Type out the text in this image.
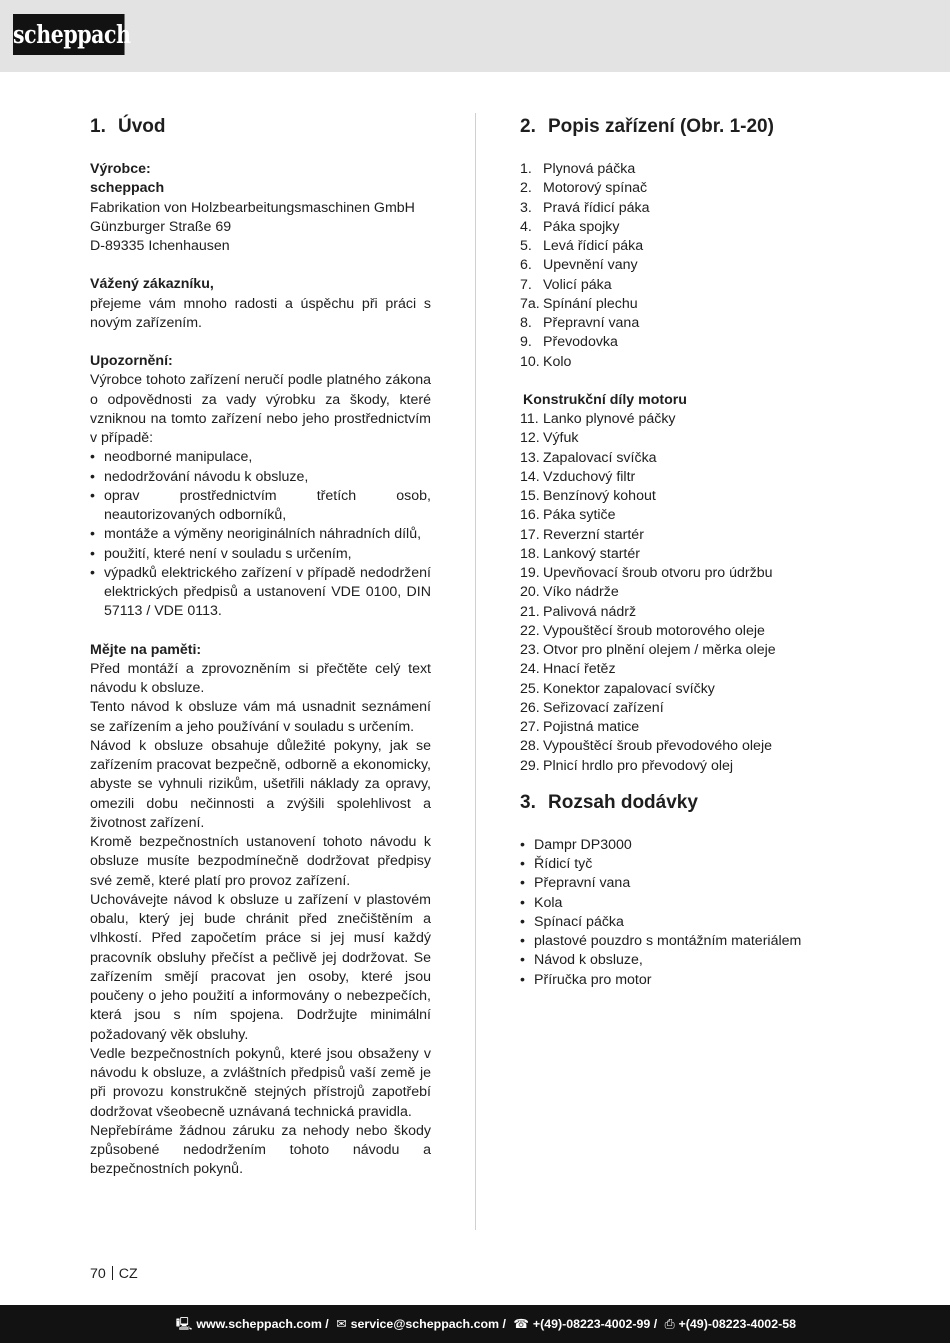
scheppach
1. Úvod

Výrobce:

scheppach

Fabrikation von Holzbearbeitungsmaschinen GmbH

Günzburger Straße 69

D-89335 Ichenhausen

Vážený zákazníku,

přejeme vám mnoho radosti a úspěchu při práci s novým zařízením.

Upozornění:

Výrobce tohoto zařízení neručí podle platného zákona o odpovědnosti za vady výrobku za škody, které vzniknou na tomto zařízení nebo jeho prostřednictvím v případě:

• neodborné manipulace,
• nedodržování návodu k obsluze,
• oprav prostřednictvím třetích osob, neautorizovaných odborníků,
• montáže a výměny neoriginálních náhradních dílů,
• použití, které není v souladu s určením,
• výpadků elektrického zařízení v případě nedodržení elektrických předpisů a ustanovení VDE 0100, DIN 57113 / VDE 0113.

Mějte na paměti:

Před montáží a zprovozněním si přečtěte celý text návodu k obsluze.

Tento návod k obsluze vám má usnadnit seznámení se zařízením a jeho používání v souladu s určením.

Návod k obsluze obsahuje důležité pokyny, jak se zařízením pracovat bezpečně, odborně a ekonomicky, abyste se vyhnuli rizikům, ušetřili náklady za opravy, omezili dobu nečinnosti a zvýšili spolehlivost a životnost zařízení.

Kromě bezpečnostních ustanovení tohoto návodu k obsluze musíte bezpodmínečně dodržovat předpisy své země, které platí pro provoz zařízení.

Uchovávejte návod k obsluze u zařízení v plastovém obalu, který jej bude chránit před znečištěním a vlhkostí. Před započetím práce si jej musí každý pracovník obsluhy přečíst a pečlivě jej dodržovat. Se zařízením smějí pracovat jen osoby, které jsou poučeny o jeho použití a informovány o nebezpečích, která jsou s ním spojena. Dodržujte minimální požadovaný věk obsluhy.

Vedle bezpečnostních pokynů, které jsou obsaženy v návodu k obsluze, a zvláštních předpisů vaší země je při provozu konstrukčně stejných přístrojů zapotřebí dodržovat všeobecně uznávaná technická pravidla.

Nepřebíráme žádnou záruku za nehody nebo škody způsobené nedodržením tohoto návodu a bezpečnostních pokynů.

2. Popis zařízení (Obr. 1-20)
1. Plynová páčka
2. Motorový spínač
3. Pravá řídicí páka
4. Páka spojky
5. Levá řídicí páka
6. Upevnění vany
7. Volicí páka
7a. Spínání plechu
8. Přepravní vana
9. Převodovka
10. Kolo

Konstrukční díly motoru

11. Lanko plynové páčky
12. Výfuk
13. Zapalovací svíčka
14. Vzduchový filtr
15. Benzínový kohout
16. Páka sytiče
17. Reverzní startér
18. Lankový startér
19. Upevňovací šroub otvoru pro údržbu
20. Víko nádrže
21. Palivová nádrž
22. Vypouštěcí šroub motorového oleje
23. Otvor pro plnění olejem / měrka oleje
24. Hnací řetěz
25. Konektor zapalovací svíčky
26. Seřizovací zařízení
27. Pojistná matice
28. Vypouštěcí šroub převodového oleje
29. Plnicí hrdlo pro převodový olej
3. Rozsah dodávky
• Dampr DP3000
• Řídicí tyč
• Přepravní vana
• Kola
• Spínací páčka
• plastové pouzdro s montážním materiálem
• Návod k obsluze,
• Příručka pro motor
70 CZ
🖳︎ www.scheppach.com / ✉︎ service@scheppach.com / ☎︎ +(49)-08223-4002-99 / ⎙ +(49)-08223-4002-58
